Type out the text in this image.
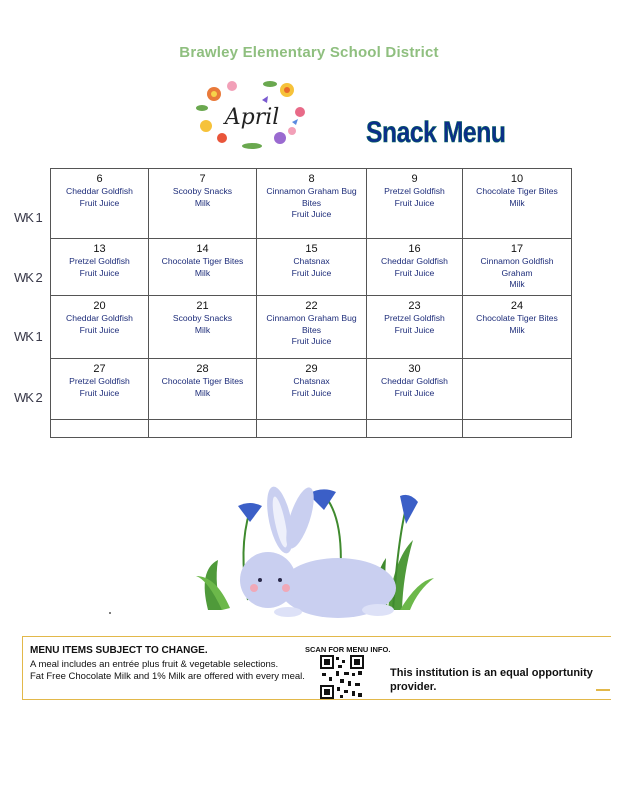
Brawley Elementary School District
April	Snack Menu
WK 1
WK 2
WK 1
WK 2
6
Cheddar Goldfish
Fruit Juice	7
Scooby Snacks
Milk	8
Cinnamon Graham Bug
Bites
Fruit Juice	9
Pretzel Goldfish
Fruit Juice	10
Chocolate Tiger Bites
Milk

13
Pretzel Goldfish
Fruit Juice	14
Chocolate Tiger Bites
Milk	15
Chatsnax
Fruit Juice	16
Cheddar Goldfish
Fruit Juice	17
Cinnamon Goldfish
Graham
Milk

20
Cheddar Goldfish
Fruit Juice	21
Scooby Snacks
Milk	22
Cinnamon Graham Bug
Bites
Fruit Juice	23
Pretzel Goldfish
Fruit Juice	24
Chocolate Tiger Bites
Milk

27
Pretzel Goldfish
Fruit Juice	28
Chocolate Tiger Bites
Milk	29
Chatsnax
Fruit Juice	30
Cheddar Goldfish
Fruit Juice	

MENU ITEMS SUBJECT TO CHANGE.
A meal includes an entrée plus fruit & vegetable selections.
Fat Free Chocolate Milk and 1% Milk are offered with every meal.
SCAN FOR MENU INFO.
This institution is an equal opportunity provider.
